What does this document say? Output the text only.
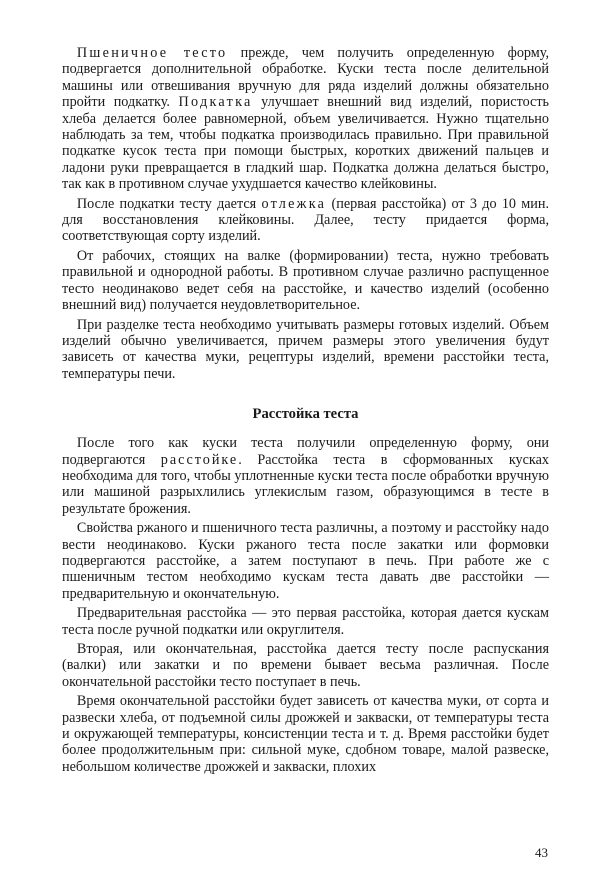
Пшеничное тесто прежде, чем получить определенную форму, подвергается дополнительной обработке. Куски теста после делительной машины или отвешивания вручную для ряда изделий должны обязательно пройти подкатку. Подкатка улучшает внешний вид изделий, пористость хлеба делается более равномерной, объем увеличивается. Нужно тщательно наблюдать за тем, чтобы подкатка производилась правильно. При правильной подкатке кусок теста при помощи быстрых, коротких движений пальцев и ладони руки превращается в гладкий шар. Подкатка должна делаться быстро, так как в противном случае ухудшается качество клейковины.

После подкатки тесту дается отлежка (первая расстойка) от 3 до 10 мин. для восстановления клейковины. Далее, тесту придается форма, соответствующая сорту изделий.

От рабочих, стоящих на валке (формировании) теста, нужно требовать правильной и однородной работы. В противном случае различно распущенное тесто неодинаково ведет себя на расстойке, и качество изделий (особенно внешний вид) получается неудовлетворительное.

При разделке теста необходимо учитывать размеры готовых изделий. Объем изделий обычно увеличивается, причем размеры этого увеличения будут зависеть от качества муки, рецептуры изделий, времени расстойки теста, температуры печи.

Расстойка теста

После того как куски теста получили определенную форму, они подвергаются расстойке. Расстойка теста в сформованных кусках необходима для того, чтобы уплотненные куски теста после обработки вручную или машиной разрыхлились углекислым газом, образующимся в тесте в результате брожения.

Свойства ржаного и пшеничного теста различны, а поэтому и расстойку надо вести неодинаково. Куски ржаного теста после закатки или формовки подвергаются расстойке, а затем поступают в печь. При работе же с пшеничным тестом необходимо кускам теста давать две расстойки — предварительную и окончательную.

Предварительная расстойка — это первая расстойка, которая дается кускам теста после ручной подкатки или округлителя.

Вторая, или окончательная, расстойка дается тесту после распускания (валки) или закатки и по времени бывает весьма различная. После окончательной расстойки тесто поступает в печь.

Время окончательной расстойки будет зависеть от качества муки, от сорта и развески хлеба, от подъемной силы дрожжей и закваски, от температуры теста и окружающей температуры, консистенции теста и т. д. Время расстойки будет более продолжительным при: сильной муке, сдобном товаре, малой развеске, небольшом количестве дрожжей и закваски, плохих

43
